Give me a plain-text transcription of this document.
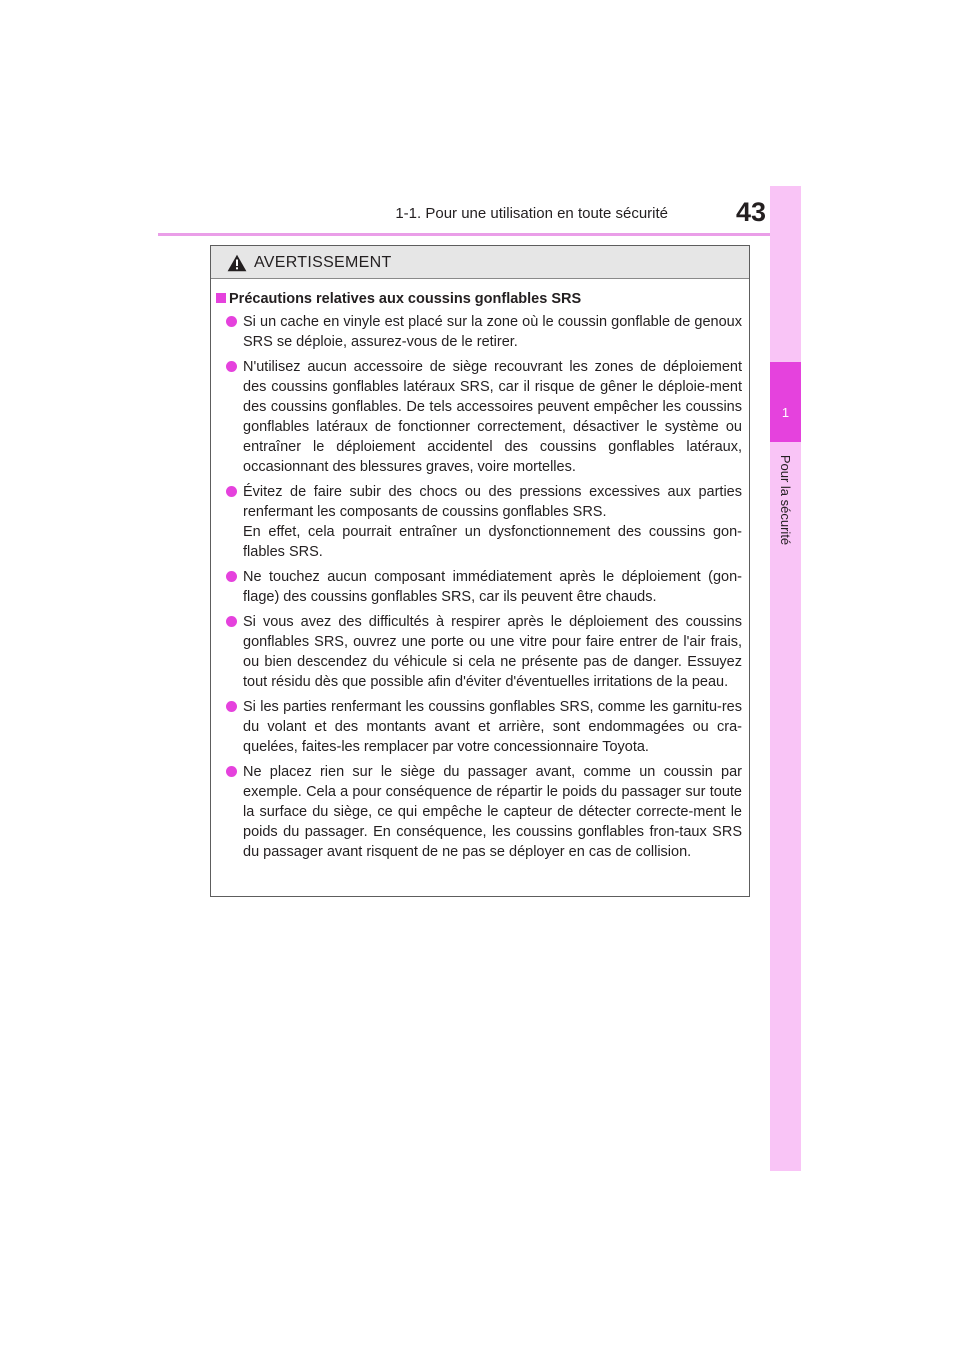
1-1. Pour une utilisation en toute sécurité	43
1
Pour la sécurité
AVERTISSEMENT
Précautions relatives aux coussins gonflables SRS
Si un cache en vinyle est placé sur la zone où le coussin gonflable de genoux SRS se déploie, assurez-vous de le retirer.
N'utilisez aucun accessoire de siège recouvrant les zones de déploiement des coussins gonflables latéraux SRS, car il risque de gêner le déploie-ment des coussins gonflables. De tels accessoires peuvent empêcher les coussins gonflables latéraux de fonctionner correctement, désactiver le système ou entraîner le déploiement accidentel des coussins gonflables latéraux, occasionnant des blessures graves, voire mortelles.
Évitez de faire subir des chocs ou des pressions excessives aux parties renfermant les composants de coussins gonflables SRS.
En effet, cela pourrait entraîner un dysfonctionnement des coussins gon-flables SRS.
Ne touchez aucun composant immédiatement après le déploiement (gon-flage) des coussins gonflables SRS, car ils peuvent être chauds.
Si vous avez des difficultés à respirer après le déploiement des coussins gonflables SRS, ouvrez une porte ou une vitre pour faire entrer de l'air frais, ou bien descendez du véhicule si cela ne présente pas de danger. Essuyez tout résidu dès que possible afin d'éviter d'éventuelles irritations de la peau.
Si les parties renfermant les coussins gonflables SRS, comme les garnitu-res du volant et des montants avant et arrière, sont endommagées ou cra-quelées, faites-les remplacer par votre concessionnaire Toyota.
Ne placez rien sur le siège du passager avant, comme un coussin par exemple. Cela a pour conséquence de répartir le poids du passager sur toute la surface du siège, ce qui empêche le capteur de détecter correcte-ment le poids du passager. En conséquence, les coussins gonflables fron-taux SRS du passager avant risquent de ne pas se déployer en cas de collision.
